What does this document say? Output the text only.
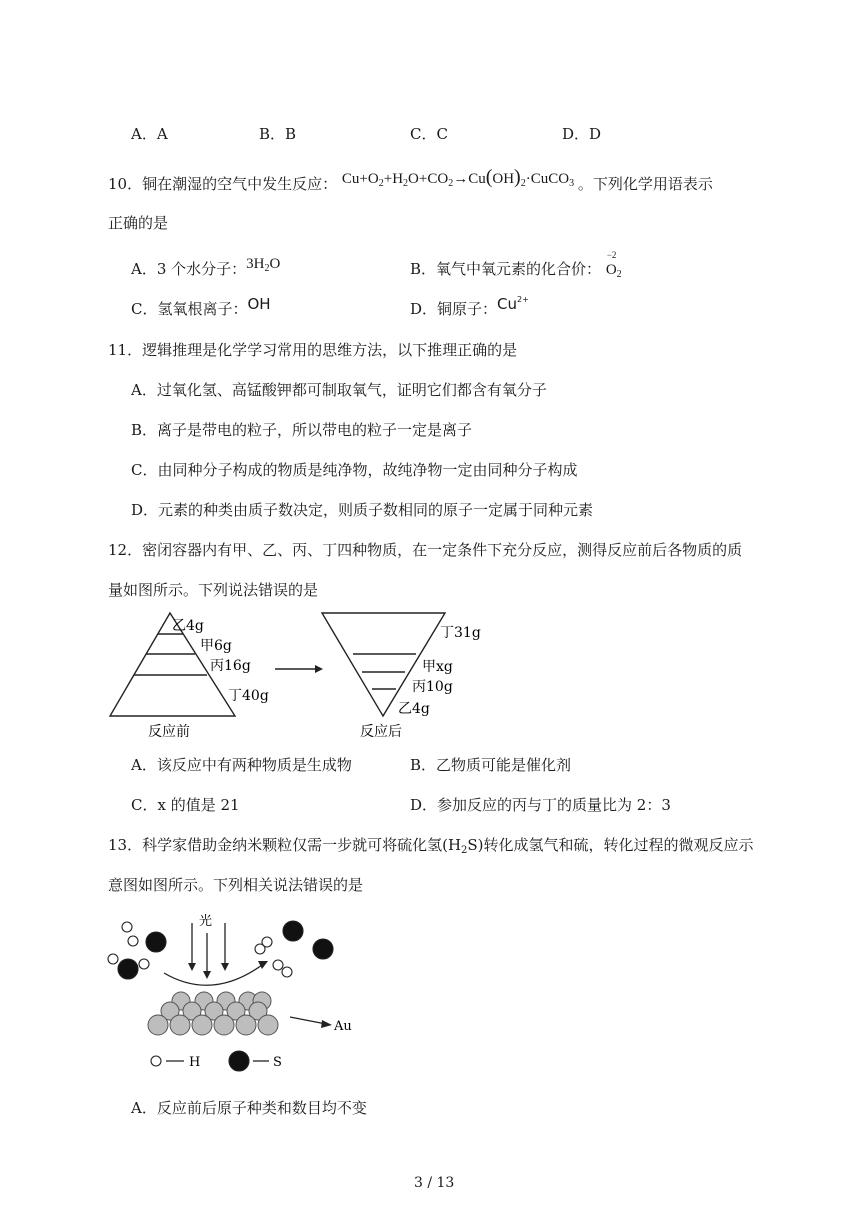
A．A	B．B	C．C	D．D
10．铜在潮湿的空气中发生反应： $Cu+O_2+H_2O+CO_2\to Cu(OH)_2\cdot CuCO_3$ 。下列化学用语表示
正确的是
A．3 个水分子：$3H_2O$	B．氧气中氧元素的化合价：
−2
$O_2$
C．氢氧根离子：OH	D．铜原子：$Cu^{2+}$
11．逻辑推理是化学学习常用的思维方法，以下推理正确的是
A．过氧化氢、高锰酸钾都可制取氧气，证明它们都含有氧分子
B．离子是带电的粒子，所以带电的粒子一定是离子
C．由同种分子构成的物质是纯净物，故纯净物一定由同种分子构成
D．元素的种类由质子数决定，则质子数相同的原子一定属于同种元素
12．密闭容器内有甲、乙、丙、丁四种物质，在一定条件下充分反应，测得反应前后各物质的质
量如图所示。下列说法错误的是
乙4g
甲6g
丙16g
丁40g
反应前
丁31g
甲xg
丙10g
乙4g
反应后
A．该反应中有两种物质是生成物	B．乙物质可能是催化剂
C．x 的值是 21	D．参加反应的丙与丁的质量比为 2：3
13．科学家借助金纳米颗粒仅需一步就可将硫化氢$(H_2S)$转化成氢气和硫，转化过程的微观反应示
意图如图所示。下列相关说法错误的是
光
Au
H	S
A．反应前后原子种类和数目均不变
3 / 13
